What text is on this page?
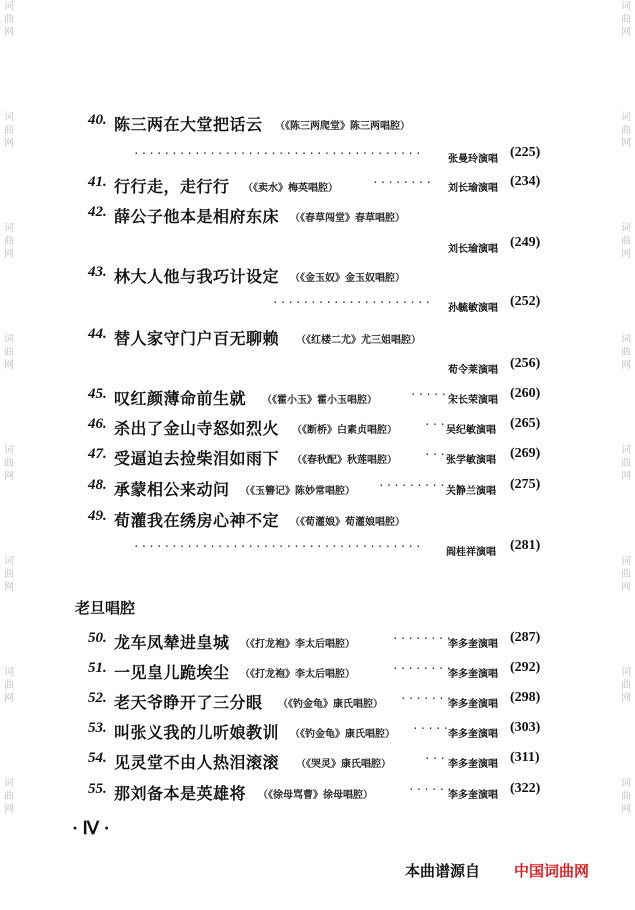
词
曲
网
词
曲
网
词
曲
网
词
曲
网
词
曲
网
词
曲
网
词
曲
网
词
曲
网
词
曲
网
词
曲
网
词
曲
网
词
曲
网
词
曲
网
词
曲
网
词
曲
网
词
曲
网
40. 陈三两在大堂把话云 （《陈三两爬堂》陈三两唱腔）
······································	张曼玲演唱 (225)
41. 行行走，走行行 （《卖水》梅英唱腔）	········	刘长瑜演唱 (234)
42. 薛公子他本是相府东床 （《春草闯堂》春草唱腔）
刘长瑜演唱 (249)
43. 林大人他与我巧计设定 （《金玉奴》金玉奴唱腔）
·····················	孙毓敏演唱 (252)
44. 替人家守门户百无聊赖 （《红楼二尤》尤三姐唱腔）
荀令莱演唱 (256)
45. 叹红颜薄命前生就 （《霍小玉》霍小玉唱腔）	······
宋长荣演唱 (260)
46. 杀出了金山寺怒如烈火 （《断桥》白素贞唱腔） ··· 吴纪敏演唱 (265)
47. 受逼迫去捡柴泪如雨下 （《春秋配》秋莲唱腔） ··· 张学敏演唱 (269)
48. 承蒙相公来动问 （《玉簪记》陈妙常唱腔） ···········
关静兰演唱 (275)
49. 荀灌我在绣房心神不定 （《荀灌娘》荀灌娘唱腔）
······································	阎桂祥演唱 (281)
老旦唱腔
50. 龙车凤辇进皇城 （《打龙袍》李太后唱腔）	········
李多奎演唱 (287)
51. 一见皇儿跪埃尘 （《打龙袍》李太后唱腔）	········
李多奎演唱 (292)
52. 老天爷睁开了三分眼 （《钓金龟》康氏唱腔） ·······
李多奎演唱 (298)
53. 叫张义我的儿听娘教训 （《钓金龟》康氏唱腔） ·····
李多奎演唱 (303)
54. 见灵堂不由人热泪滚滚 （《哭灵》康氏唱腔）	··· 李多奎演唱 (311)
55. 那刘备本是英雄将 （《徐母骂曹》徐母唱腔）	······
李多奎演唱 (322)
· Ⅳ ·
本曲谱源自 中国词曲网
